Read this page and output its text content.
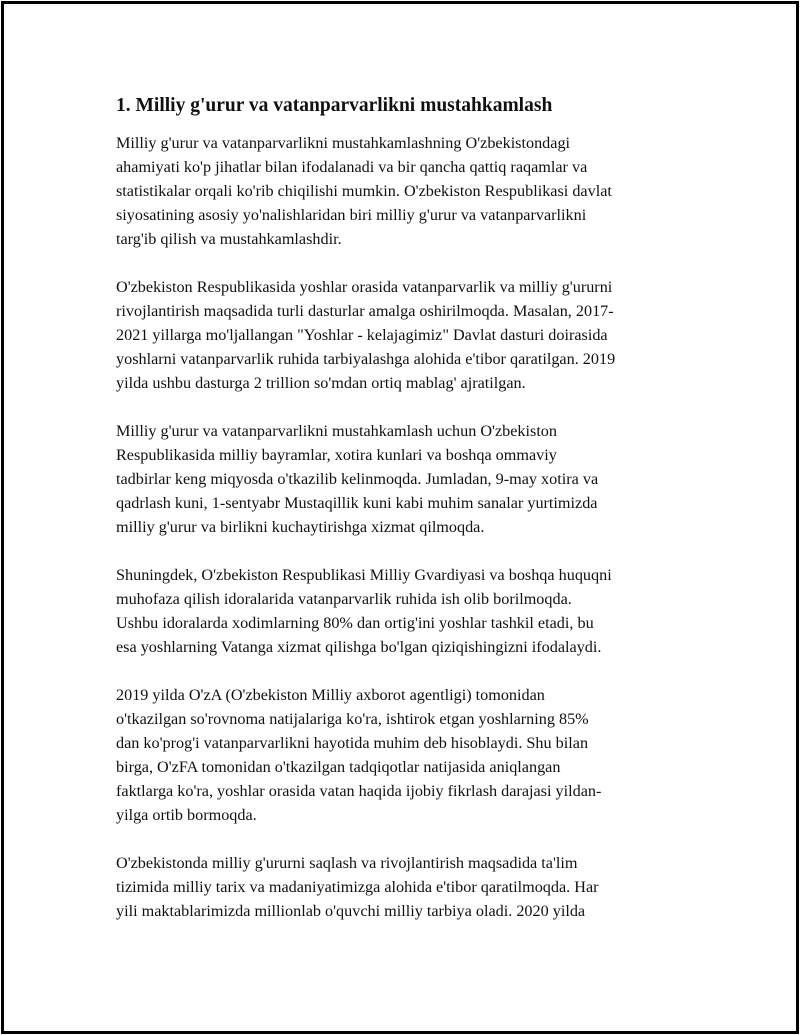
1. Milliy g'urur va vatanparvarlikni mustahkamlash

Milliy g'urur va vatanparvarlikni mustahkamlashning O'zbekistondagi
ahamiyati ko'p jihatlar bilan ifodalanadi va bir qancha qattiq raqamlar va
statistikalar orqali ko'rib chiqilishi mumkin. O'zbekiston Respublikasi davlat
siyosatining asosiy yo'nalishlaridan biri milliy g'urur va vatanparvarlikni
targ'ib qilish va mustahkamlashdir.

O'zbekiston Respublikasida yoshlar orasida vatanparvarlik va milliy g'ururni
rivojlantirish maqsadida turli dasturlar amalga oshirilmoqda. Masalan, 2017-
2021 yillarga mo'ljallangan "Yoshlar - kelajagimiz" Davlat dasturi doirasida
yoshlarni vatanparvarlik ruhida tarbiyalashga alohida e'tibor qaratilgan. 2019
yilda ushbu dasturga 2 trillion so'mdan ortiq mablag' ajratilgan.

Milliy g'urur va vatanparvarlikni mustahkamlash uchun O'zbekiston
Respublikasida milliy bayramlar, xotira kunlari va boshqa ommaviy
tadbirlar keng miqyosda o'tkazilib kelinmoqda. Jumladan, 9-may xotira va
qadrlash kuni, 1-sentyabr Mustaqillik kuni kabi muhim sanalar yurtimizda
milliy g'urur va birlikni kuchaytirishga xizmat qilmoqda.

Shuningdek, O'zbekiston Respublikasi Milliy Gvardiyasi va boshqa huquqni
muhofaza qilish idoralarida vatanparvarlik ruhida ish olib borilmoqda.
Ushbu idoralarda xodimlarning 80% dan ortig'ini yoshlar tashkil etadi, bu
esa yoshlarning Vatanga xizmat qilishga bo'lgan qiziqishingizni ifodalaydi.

2019 yilda O'zA (O'zbekiston Milliy axborot agentligi) tomonidan
o'tkazilgan so'rovnoma natijalariga ko'ra, ishtirok etgan yoshlarning 85%
dan ko'prog'i vatanparvarlikni hayotida muhim deb hisoblaydi. Shu bilan
birga, O'zFA tomonidan o'tkazilgan tadqiqotlar natijasida aniqlangan
faktlarga ko'ra, yoshlar orasida vatan haqida ijobiy fikrlash darajasi yildan-
yilga ortib bormoqda.

O'zbekistonda milliy g'ururni saqlash va rivojlantirish maqsadida ta'lim
tizimida milliy tarix va madaniyatimizga alohida e'tibor qaratilmoqda. Har
yili maktablarimizda millionlab o'quvchi milliy tarbiya oladi. 2020 yilda
